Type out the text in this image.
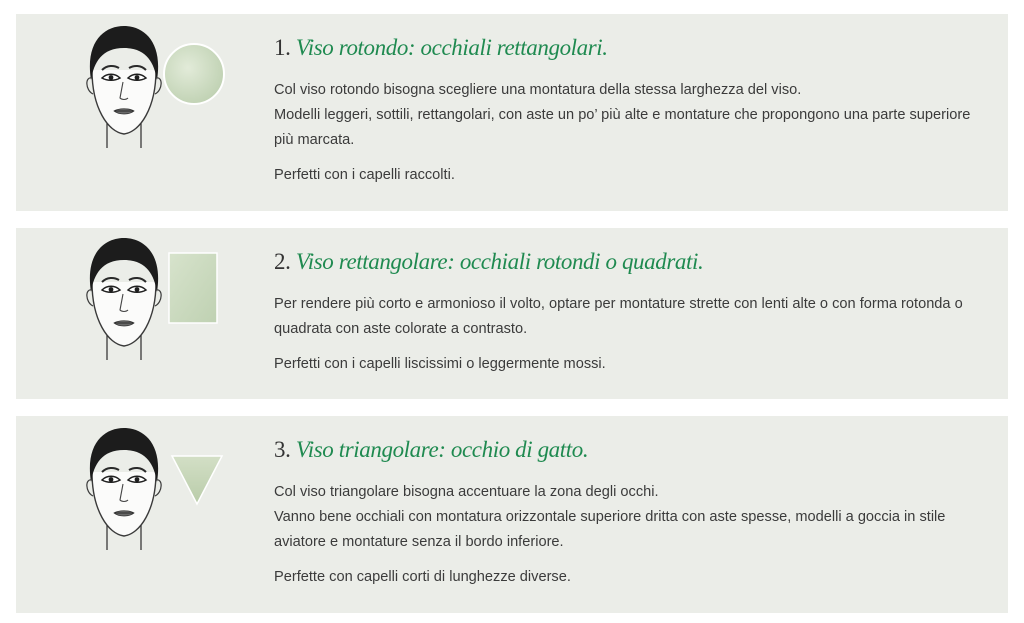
1. Viso rotondo: occhiali rettangolari.

Col viso rotondo bisogna scegliere una montatura della stessa larghezza del viso.
Modelli leggeri, sottili, rettangolari, con aste un po’ più alte e montature che propongono una parte superiore più marcata.

Perfetti con i capelli raccolti.

2. Viso rettangolare: occhiali rotondi o quadrati.

Per rendere più corto e armonioso il volto, optare per montature strette con lenti alte o con forma rotonda o quadrata con aste colorate a contrasto.

Perfetti con i capelli liscissimi o leggermente mossi.

3. Viso triangolare: occhio di gatto.

Col viso triangolare bisogna accentuare la zona degli occhi.
Vanno bene occhiali con montatura orizzontale superiore dritta con aste spesse, modelli a goccia in stile aviatore e montature senza il bordo inferiore.

Perfette con capelli corti di lunghezze diverse.
